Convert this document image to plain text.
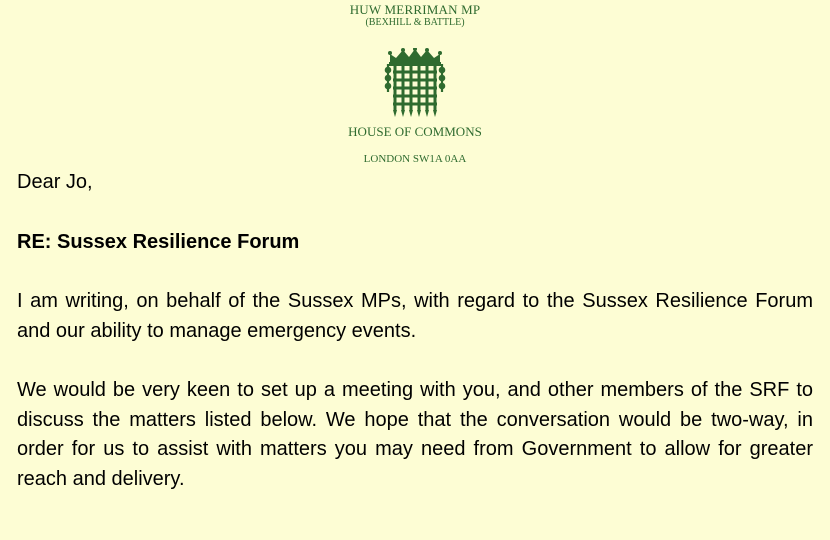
HUW MERRIMAN MP
(BEXHILL & BATTLE)
HOUSE OF COMMONS
LONDON SW1A 0AA
Dear Jo,
RE: Sussex Resilience Forum
I am writing, on behalf of the Sussex MPs, with regard to the Sussex Resilience Forum and our ability to manage emergency events.
We would be very keen to set up a meeting with you, and other members of the SRF to discuss the matters listed below. We hope that the conversation would be two-way, in order for us to assist with matters you may need from Government to allow for greater reach and delivery.
